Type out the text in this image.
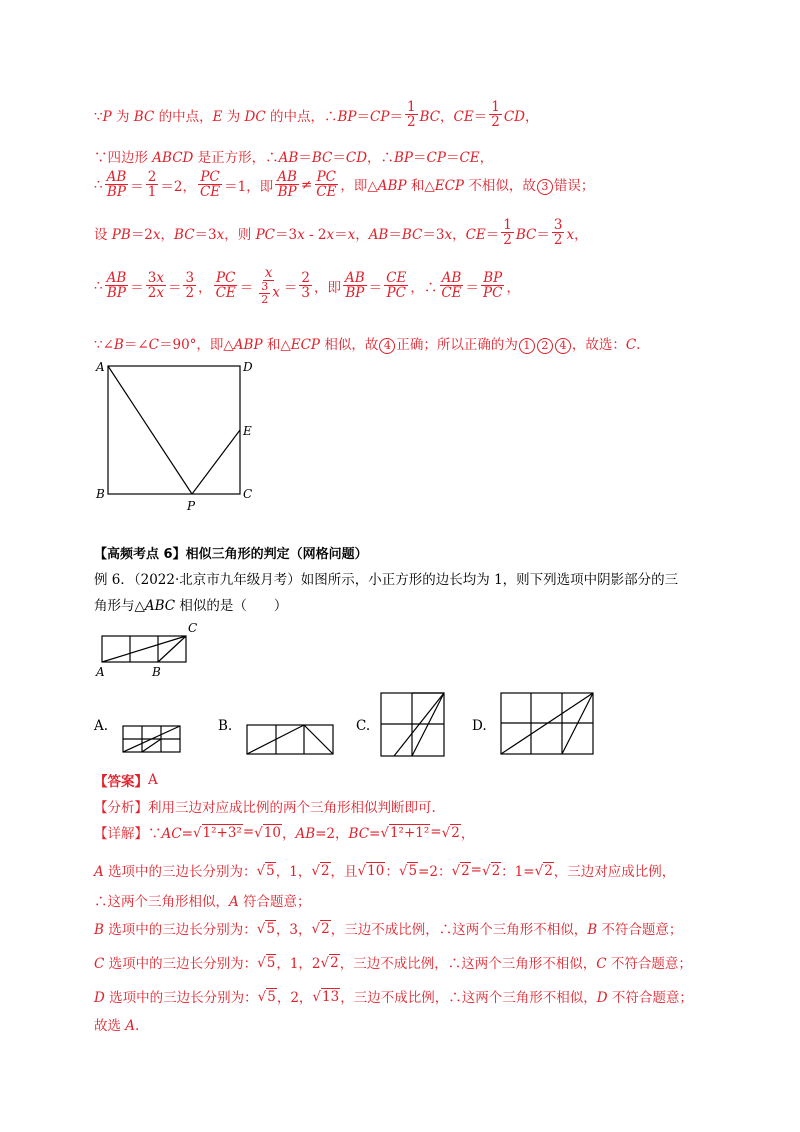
∵P 为 BC 的中点，E 为 DC 的中点，∴BP＝CP＝ $\frac{1}{2}$ BC，$CE= \frac{1}{2}$ CD，
∵四边形 ABCD 是正方形，∴AB＝BC＝CD，∴BP＝CP＝CE，
∴ $\frac{AB}{BP} = \frac{2}{1} =2$， $\frac{PC}{CE} =1$，即 $\frac{AB}{BP} \ne \frac{PC}{CE}$ ，即△ABP 和△ECP 不相似，故 3 错误；
设 PB＝2x，BC＝3x，则 PC＝3x - 2x＝x，AB＝BC＝3x，$CE= \frac{1}{2} BC= \frac{3}{2}$ x，
∴ $\frac{AB}{BP} = \frac{3x}{2x} = \frac{3}{2}$ ， $\frac{PC}{CE} = \frac{x}{\frac{3}{2} x} = \frac{2}{3}$ ，即 $\frac{AB}{BP} = \frac{CE}{PC}$ ，∴ $\frac{AB}{CE} = \frac{BP}{PC}$ ，
∵∠B＝∠C＝90°，即△ABP 和△ECP 相似，故 4 正确；所以正确的为 1 2 4 ，故选：C.
A	D
E
B
P
C
【高频考点 6】相似三角形的判定（网格问题）
例 6．（2022·北京市九年级月考）如图所示，小正方形的边长均为 1，则下列选项中阴影部分的三
角形与△ABC 相似的是（　　）
C
A	B
A.	B.	C.	D.
【答案】 A
【分析】 利用三边对应成比例的两个三角形相似判断即可.
【详解】∵AC= √ 1²+3² = √ 10 ，AB=2，BC= √ 1²+1² = √ 2 ，
A 选项中的三边长分别为： √ 5 ，1， √ 2 ，且 √ 10 ： √ 5 =2： √ 2 = √ 2 ：1= √ 2 ，三边对应成比例，
∴这两个三角形相似，A 符合题意；
B 选项中的三边长分别为： √ 5 ，3， √ 2 ，三边不成比例，∴这两个三角形不相似，B 不符合题意；
C 选项中的三边长分别为： √ 5 ，1，2 √ 2 ，三边不成比例，∴这两个三角形不相似，C 不符合题意；
D 选项中的三边长分别为： √ 5 ，2， √ 13 ，三边不成比例，∴这两个三角形不相似，D 不符合题意；
故选 A.
